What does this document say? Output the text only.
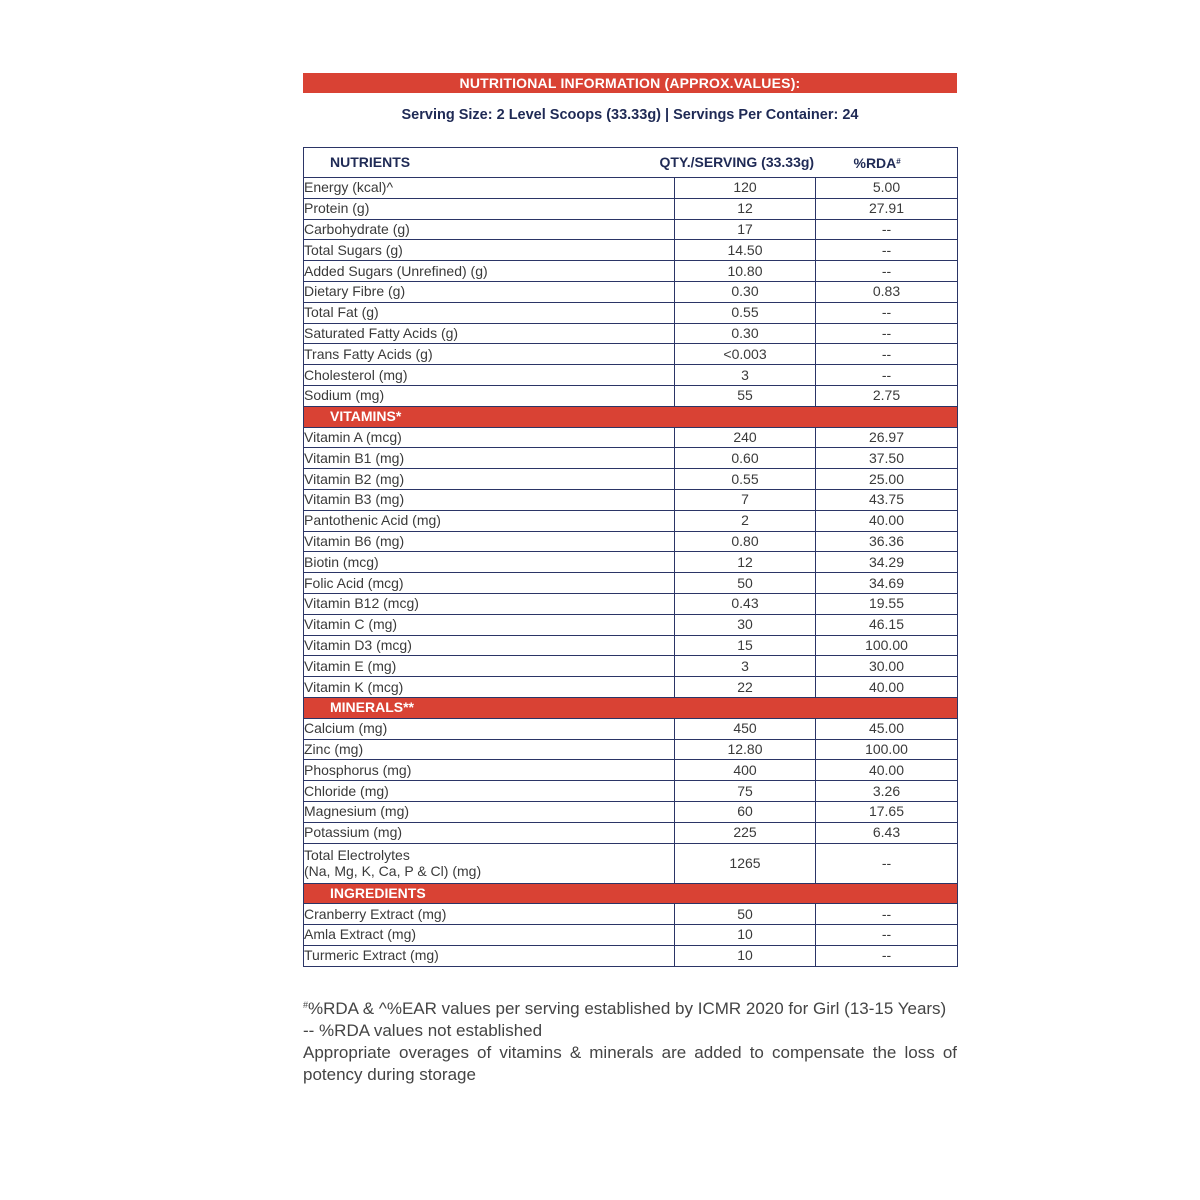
NUTRITIONAL INFORMATION (APPROX.VALUES):
Serving Size: 2 Level Scoops (33.33g) | Servings Per Container: 24
NUTRIENTS	QTY./SERVING (33.33g)	%RDA#
Energy (kcal)^	120	5.00
Protein (g)	12	27.91
Carbohydrate (g)	17	--
Total Sugars (g)	14.50	--
Added Sugars (Unrefined) (g)	10.80	--
Dietary Fibre (g)	0.30	0.83
Total Fat (g)	0.55	--
Saturated Fatty Acids (g)	0.30	--
Trans Fatty Acids (g)	<0.003	--
Cholesterol (mg)	3	--
Sodium (mg)	55	2.75
VITAMINS*		
Vitamin A (mcg)	240	26.97
Vitamin B1 (mg)	0.60	37.50
Vitamin B2 (mg)	0.55	25.00
Vitamin B3 (mg)	7	43.75
Pantothenic Acid (mg)	2	40.00
Vitamin B6 (mg)	0.80	36.36
Biotin (mcg)	12	34.29
Folic Acid (mcg)	50	34.69
Vitamin B12 (mcg)	0.43	19.55
Vitamin C (mg)	30	46.15
Vitamin D3 (mcg)	15	100.00
Vitamin E (mg)	3	30.00
Vitamin K (mcg)	22	40.00
MINERALS**		
Calcium (mg)	450	45.00
Zinc (mg)	12.80	100.00
Phosphorus (mg)	400	40.00
Chloride (mg)	75	3.26
Magnesium (mg)	60	17.65
Potassium (mg)	225	6.43

Total Electrolytes
(Na, Mg, K, Ca, P & Cl) (mg)	1265	--
INGREDIENTS		
Cranberry Extract (mg)	50	--
Amla Extract (mg)	10	--
Turmeric Extract (mg)	10	--

#%RDA & ^%EAR values per serving established by ICMR 2020 for Girl (13-15 Years)

-- %RDA values not established

Appropriate overages of vitamins & minerals are added to compensate the loss of potency during storage
